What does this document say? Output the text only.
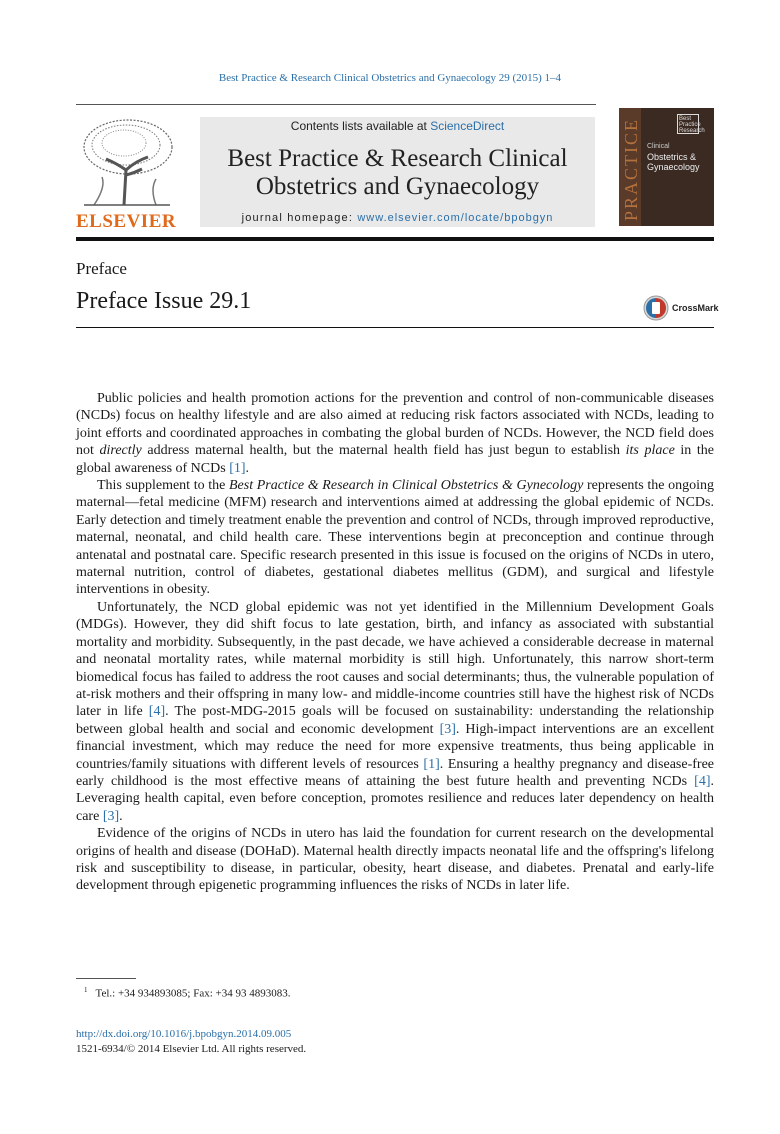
Best Practice & Research Clinical Obstetrics and Gynaecology 29 (2015) 1–4
ELSEVIER
Contents lists available at ScienceDirect
Best Practice & Research Clinical
Obstetrics and Gynaecology
journal homepage: www.elsevier.com/locate/bpobgyn	PRACTICE	Best Practice Research
Clinical
Obstetrics &
Gynaecology
Preface
Preface Issue 29.1	CrossMark

Public policies and health promotion actions for the prevention and control of non-communicable diseases (NCDs) focus on healthy lifestyle and are also aimed at reducing risk factors associated with NCDs, leading to joint efforts and coordinated approaches in combating the global burden of NCDs. However, the NCD field does not directly address maternal health, but the maternal health field has just begun to establish its place in the global awareness of NCDs [1].

This supplement to the Best Practice & Research in Clinical Obstetrics & Gynecology represents the ongoing maternal—fetal medicine (MFM) research and interventions aimed at addressing the global epidemic of NCDs. Early detection and timely treatment enable the prevention and control of NCDs, through improved reproductive, maternal, neonatal, and child health care. These interventions begin at preconception and continue through antenatal and postnatal care. Specific research presented in this issue is focused on the origins of NCDs in utero, maternal nutrition, control of diabetes, gestational diabetes mellitus (GDM), and surgical and lifestyle interventions in obesity.

Unfortunately, the NCD global epidemic was not yet identified in the Millennium Development Goals (MDGs). However, they did shift focus to late gestation, birth, and infancy as associated with substantial mortality and morbidity. Subsequently, in the past decade, we have achieved a considerable decrease in maternal and neonatal mortality rates, while maternal morbidity is still high. Unfortunately, this narrow short-term biomedical focus has failed to address the root causes and social determinants; thus, the vulnerable population of at-risk mothers and their offspring in many low- and middle-income countries still have the highest risk of NCDs later in life [4]. The post-MDG-2015 goals will be focused on sustainability: understanding the relationship between global health and social and economic development [3]. High-impact interventions are an excellent financial investment, which may reduce the need for more expensive treatments, thus being applicable in countries/family situations with different levels of resources [1]. Ensuring a healthy pregnancy and disease-free early childhood is the most effective means of attaining the best future health and preventing NCDs [4]. Leveraging health capital, even before conception, promotes resilience and reduces later dependency on health care [3].

Evidence of the origins of NCDs in utero has laid the foundation for current research on the developmental origins of health and disease (DOHaD). Maternal health directly impacts neonatal life and the offspring's lifelong risk and susceptibility to disease, in particular, obesity, heart disease, and diabetes. Prenatal and early-life development through epigenetic programming influences the risks of NCDs in later life.

$^1$ Tel.: +34 934893085; Fax: +34 93 4893083.
http://dx.doi.org/10.1016/j.bpobgyn.2014.09.005
1521-6934/© 2014 Elsevier Ltd. All rights reserved.
